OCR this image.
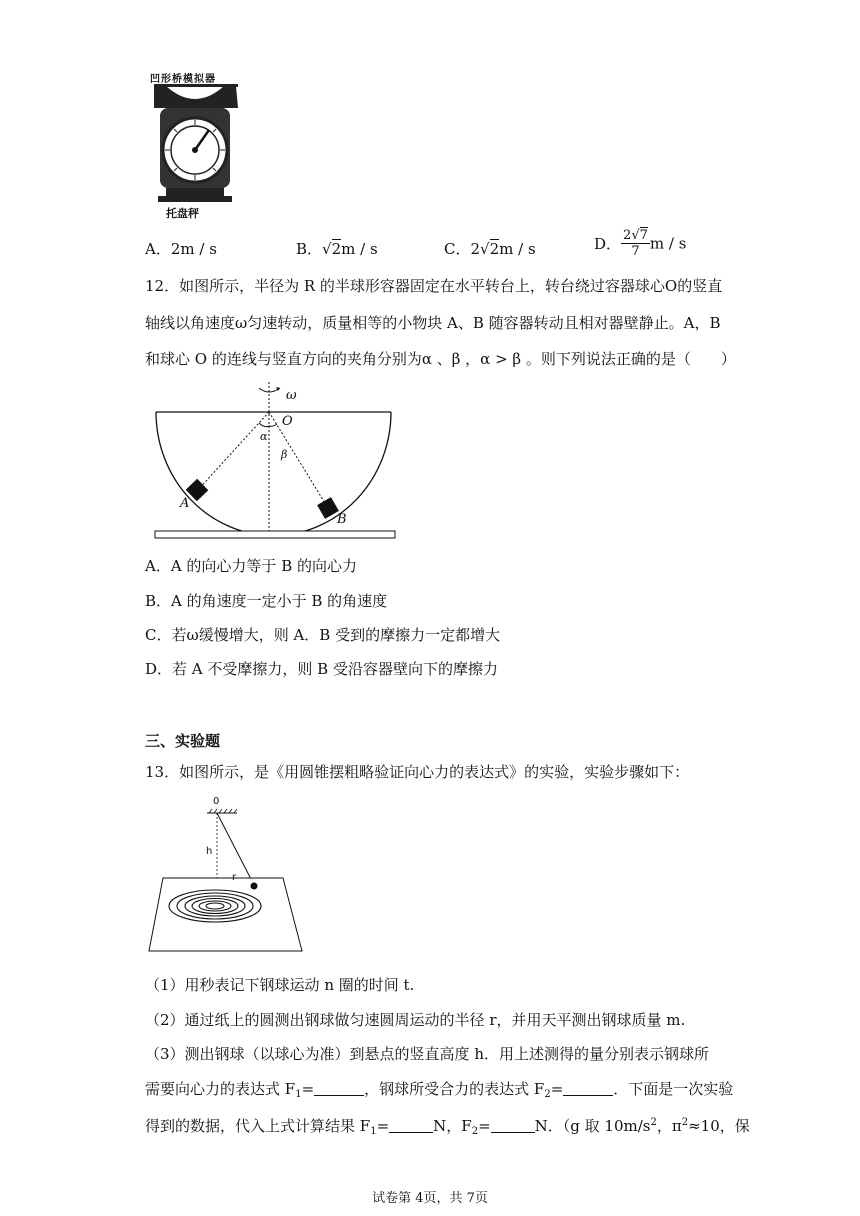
凹形桥模拟器
托盘秤
A．2m / s	B．√2m / s	C．2√2m / s	D． $\frac{2√7}{7}$ m / s
12．如图所示，半径为 R 的半球形容器固定在水平转台上，转台绕过容器球心O的竖直
轴线以角速度ω匀速转动，质量相等的小物块 A、B 随容器转动且相对器壁静止。A，B
和球心 O 的连线与竖直方向的夹角分别为α 、β ，α > β 。则下列说法正确的是（　　）
ω
O
α
β
A
B
A．A 的向心力等于 B 的向心力
B．A 的角速度一定小于 B 的角速度
C．若ω缓慢增大，则 A．B 受到的摩擦力一定都增大
D．若 A 不受摩擦力，则 B 受沿容器壁向下的摩擦力
三、实验题
13．如图所示，是《用圆锥摆粗略验证向心力的表达式》的实验，实验步骤如下：
0
h
r
（1）用秒表记下钢球运动 n 圈的时间 t.
（2）通过纸上的圆测出钢球做匀速圆周运动的半径 r，并用天平测出钢球质量 m.
（3）测出钢球（以球心为准）到悬点的竖直高度 h．用上述测得的量分别表示钢球所
需要向心力的表达式 $F_1=$	，钢球所受合力的表达式 $F_2=$	．下面是一次实验
得到的数据，代入上式计算结果 $F_1=$	N，$F_2=$	N．（g 取 $10m/s^2$，$\pi^2\approx 10$，保
试卷第 4页，共 7页
